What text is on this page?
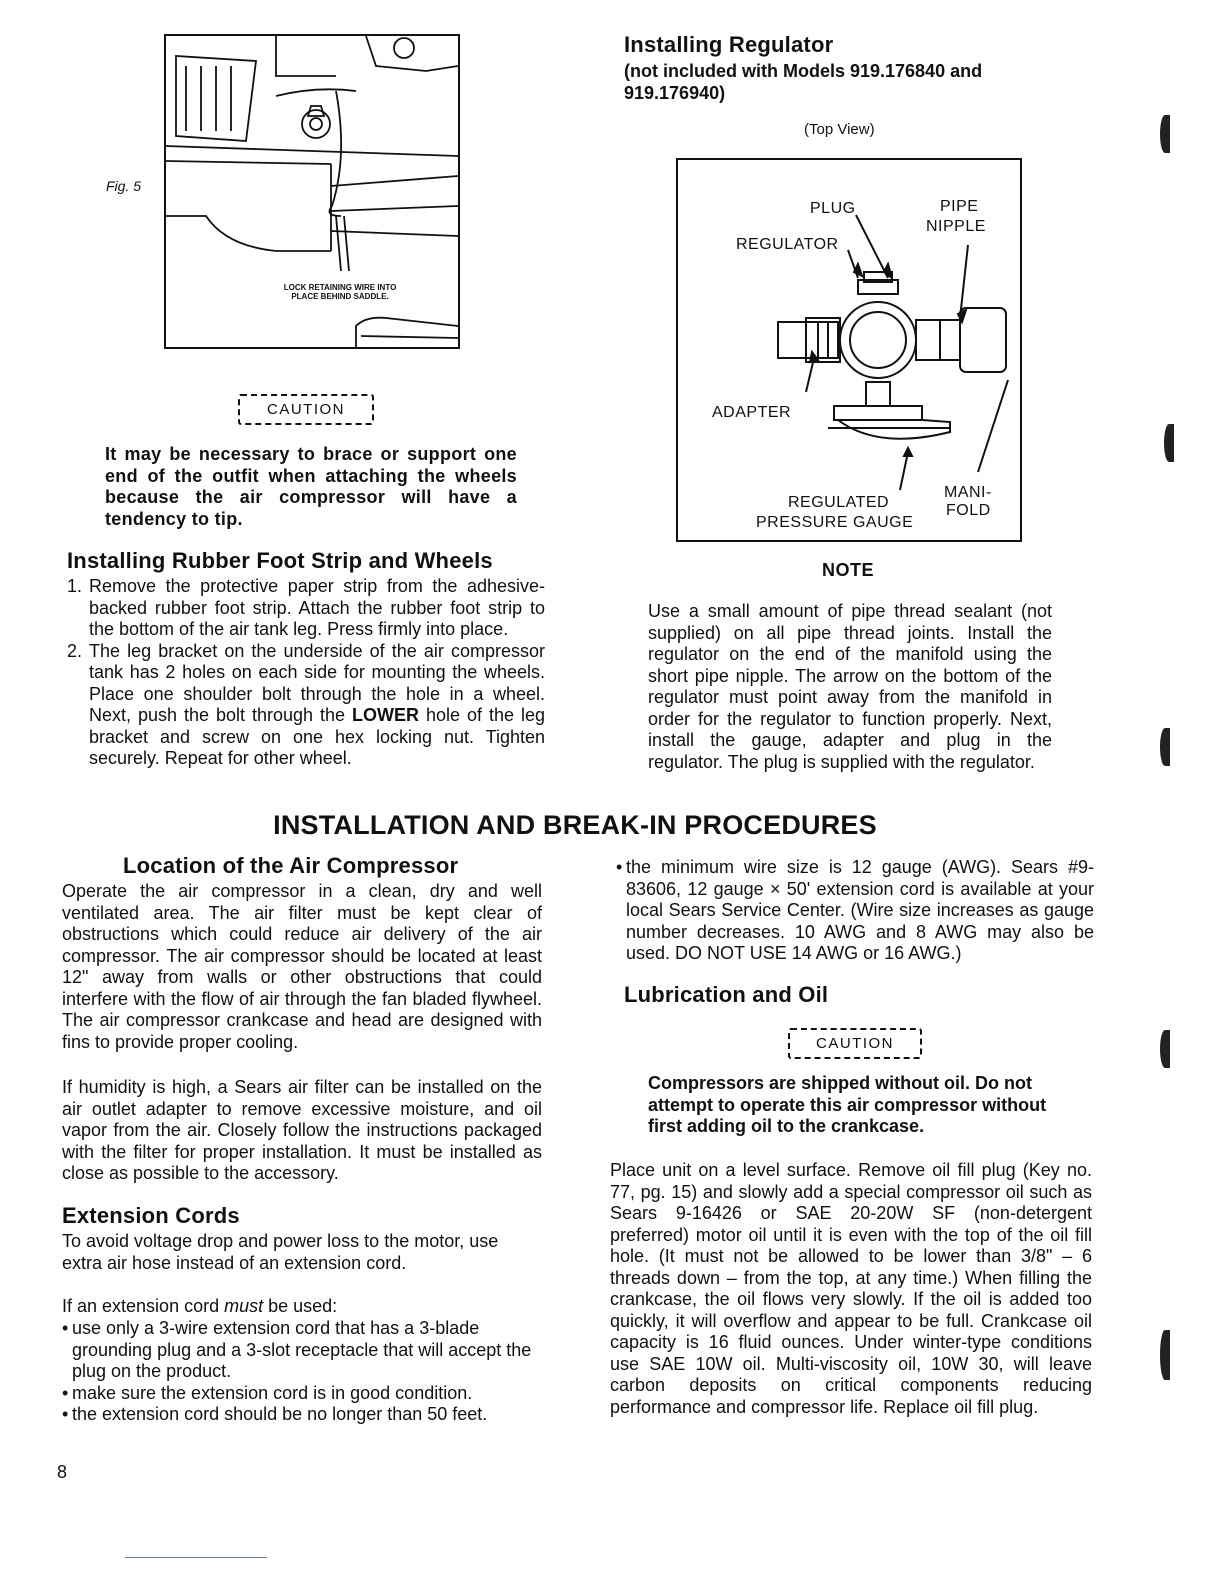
Fig. 5
LOCK RETAINING WIRE INTO
PLACE BEHIND SADDLE.
CAUTION
It may be necessary to brace or support one end of the outfit when attaching the wheels because the air compressor will have a tendency to tip.
Installing Rubber Foot Strip and Wheels
1. Remove the protective paper strip from the adhesive-backed rubber foot strip. Attach the rubber foot strip to the bottom of the air tank leg. Press firmly into place.
2. The leg bracket on the underside of the air compressor tank has 2 holes on each side for mounting the wheels. Place one shoulder bolt through the hole in a wheel. Next, push the bolt through the LOWER hole of the leg bracket and screw on one hex locking nut. Tighten securely. Repeat for other wheel.
Installing Regulator
(not included with Models 919.176840 and 919.176940)
(Top View)
PLUG	PIPE
NIPPLE
REGULATOR
ADAPTER
MANI-
FOLD
REGULATED
PRESSURE GAUGE
NOTE
Use a small amount of pipe thread sealant (not supplied) on all pipe thread joints. Install the regulator on the end of the manifold using the short pipe nipple. The arrow on the bottom of the regulator must point away from the manifold in order for the regulator to function properly. Next, install the gauge, adapter and plug in the regulator. The plug is supplied with the regulator.
INSTALLATION AND BREAK-IN PROCEDURES
Location of the Air Compressor
Operate the air compressor in a clean, dry and well ventilated area. The air filter must be kept clear of obstructions which could reduce air delivery of the air compressor. The air compressor should be located at least 12" away from walls or other obstructions that could interfere with the flow of air through the fan bladed flywheel. The air compressor crankcase and head are designed with fins to provide proper cooling.
If humidity is high, a Sears air filter can be installed on the air outlet adapter to remove excessive moisture, and oil vapor from the air. Closely follow the instructions packaged with the filter for proper installation. It must be installed as close as possible to the accessory.
Extension Cords
To avoid voltage drop and power loss to the motor, use extra air hose instead of an extension cord.
If an extension cord must be used:
• use only a 3-wire extension cord that has a 3-blade grounding plug and a 3-slot receptacle that will accept the plug on the product.
• make sure the extension cord is in good condition.
• the extension cord should be no longer than 50 feet.
• the minimum wire size is 12 gauge (AWG). Sears #9-83606, 12 gauge × 50' extension cord is available at your local Sears Service Center. (Wire size increases as gauge number decreases. 10 AWG and 8 AWG may also be used. DO NOT USE 14 AWG or 16 AWG.)
Lubrication and Oil
CAUTION
Compressors are shipped without oil. Do not attempt to operate this air compressor without first adding oil to the crankcase.
Place unit on a level surface. Remove oil fill plug (Key no. 77, pg. 15) and slowly add a special compressor oil such as Sears 9-16426 or SAE 20-20W SF (non-detergent preferred) motor oil until it is even with the top of the oil fill hole. (It must not be allowed to be lower than 3/8" – 6 threads down – from the top, at any time.) When filling the crankcase, the oil flows very slowly. If the oil is added too quickly, it will overflow and appear to be full. Crankcase oil capacity is 16 fluid ounces. Under winter-type conditions use SAE 10W oil. Multi-viscosity oil, 10W 30, will leave carbon deposits on critical components reducing performance and compressor life. Replace oil fill plug.
8
